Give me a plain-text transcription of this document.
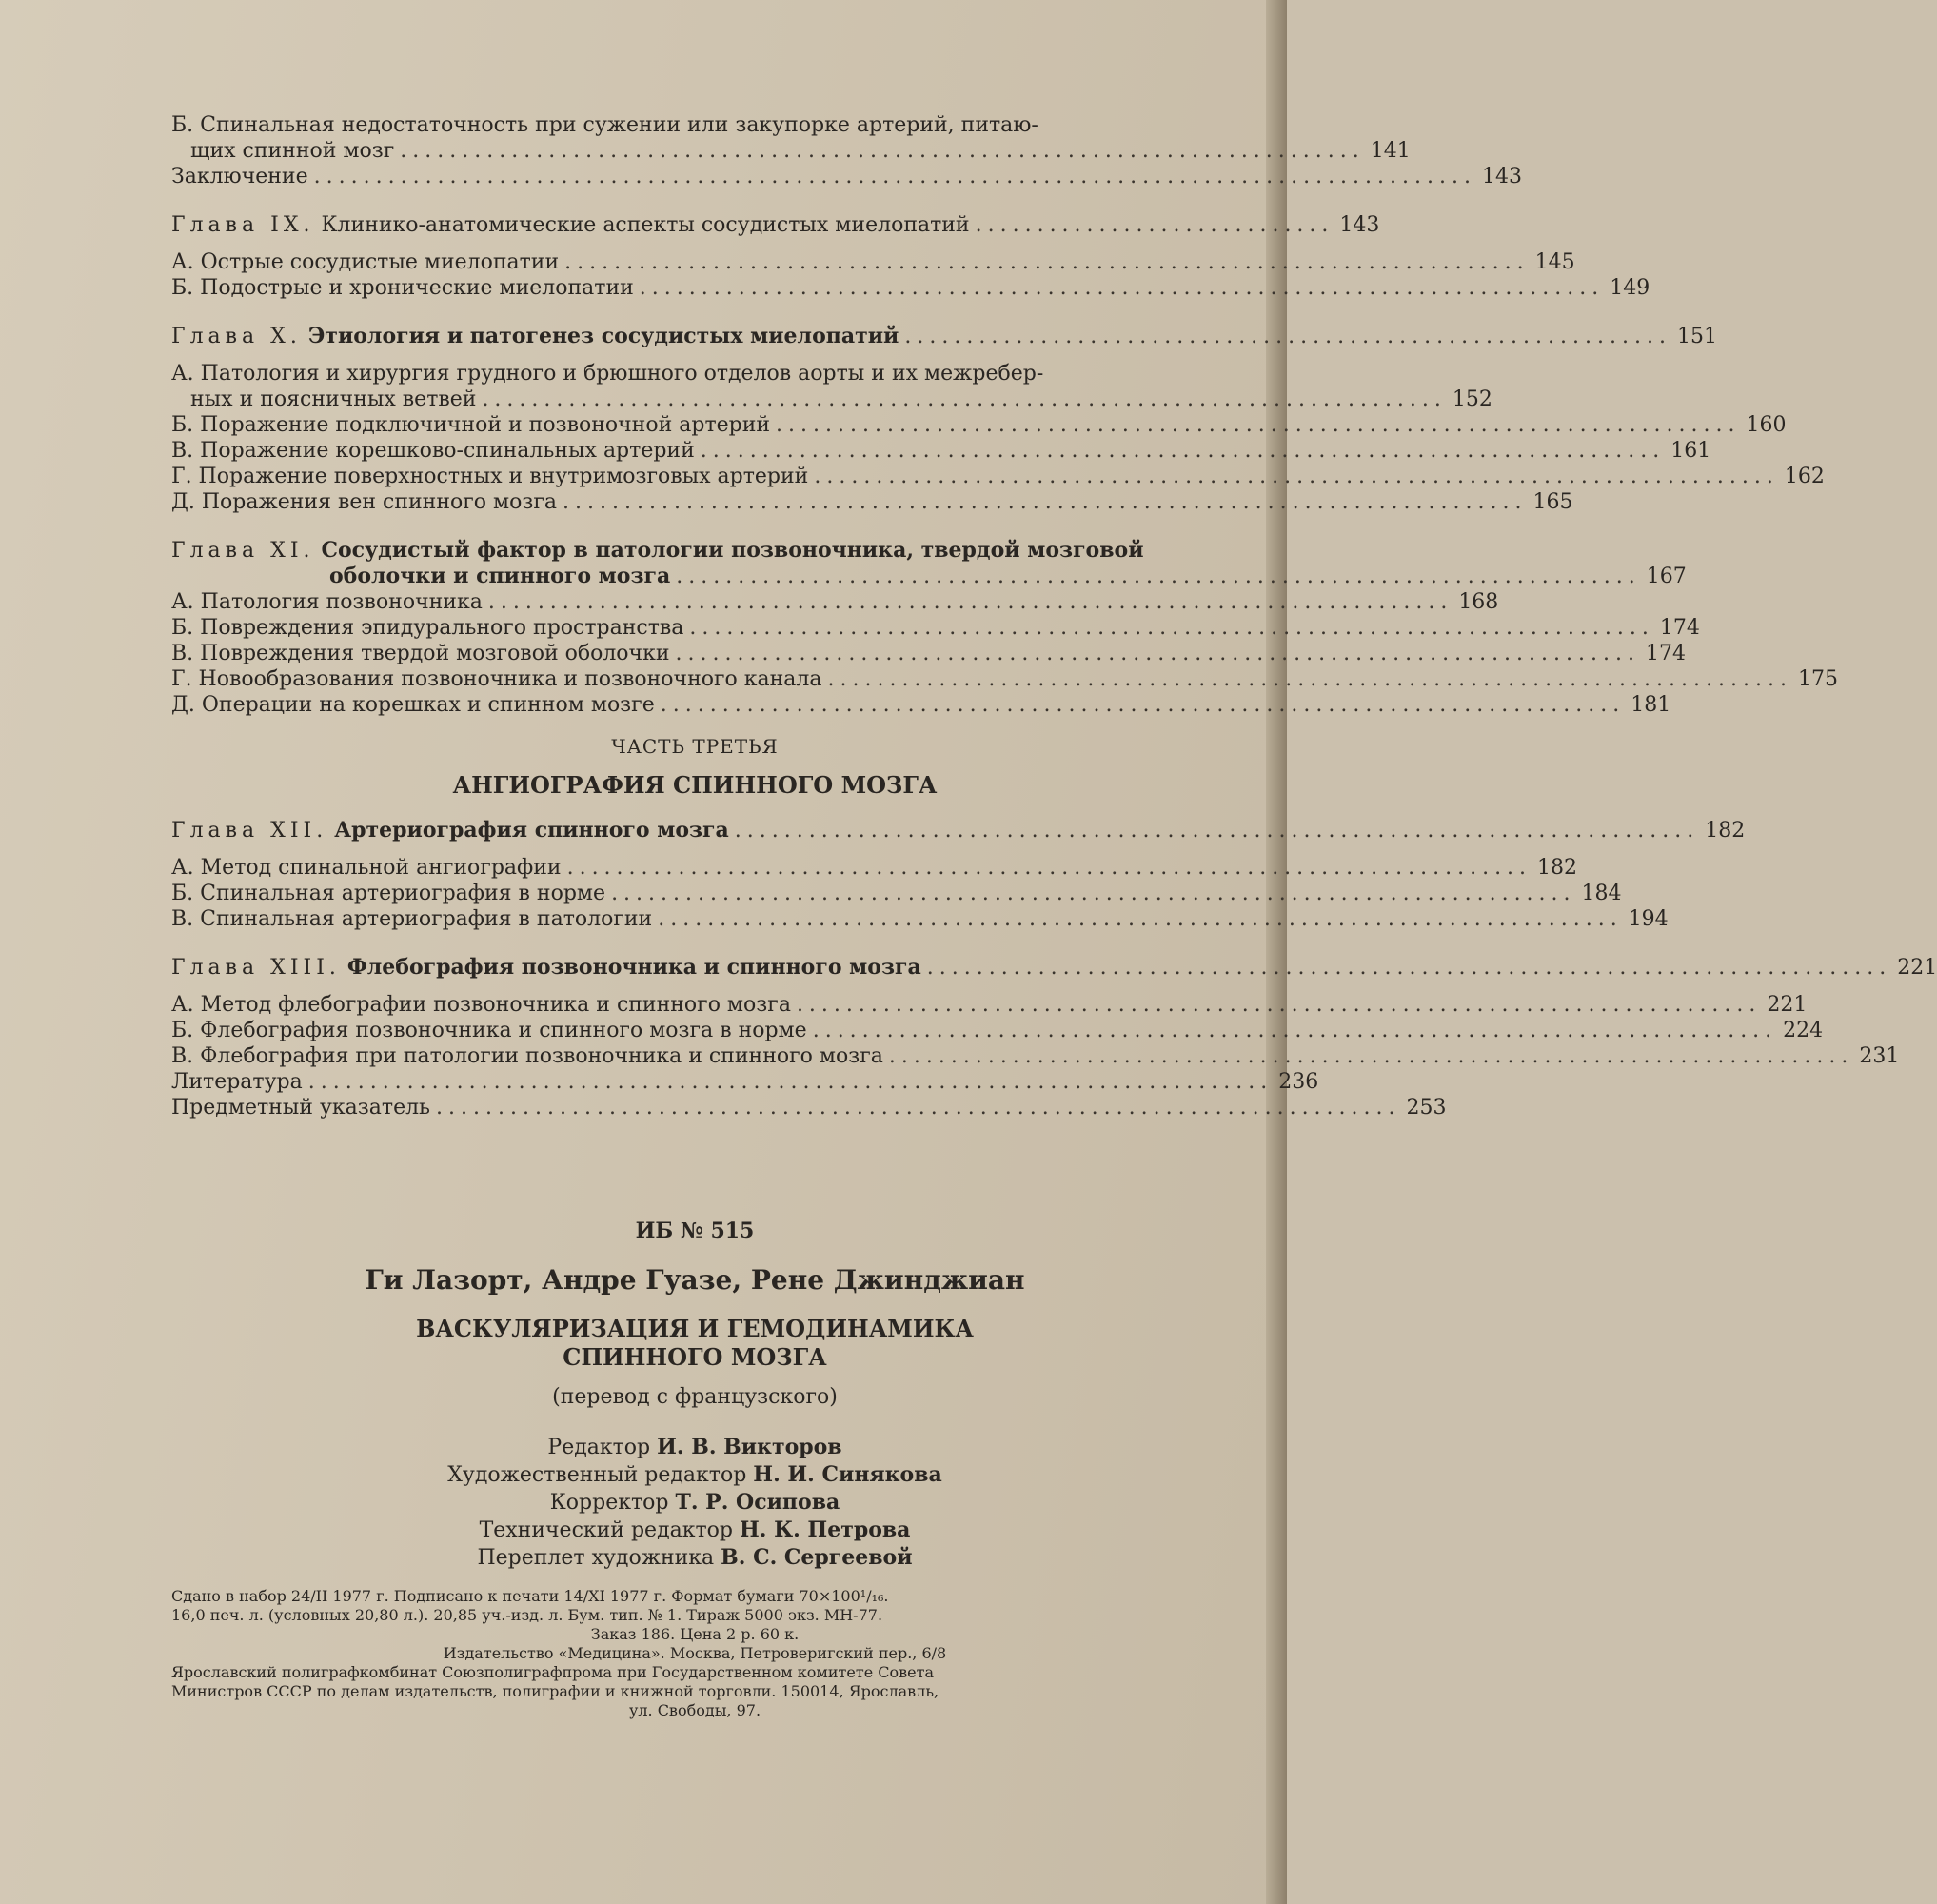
Б. Спинальная недостаточность при сужении или закупорке артерий, питаю-
щих спинной мозг .............................................................................. 141
Заключение .............................................................................................. 143
Глава IX. Клинико-анатомические аспекты сосудистых миелопатий ............................. 143
А. Острые сосудистые миелопатии .............................................................................. 145
Б. Подострые и хронические миелопатии .............................................................................. 149
Глава X. Этиология и патогенез сосудистых миелопатий .............................................................. 151
А. Патология и хирургия грудного и брюшного отделов аорты и их межребер-
ных и поясничных ветвей .............................................................................. 152
Б. Поражение подключичной и позвоночной артерий .............................................................................. 160
В. Поражение корешково-спинальных артерий .............................................................................. 161
Г. Поражение поверхностных и внутримозговых артерий .............................................................................. 162
Д. Поражения вен спинного мозга .............................................................................. 165
Глава XI. Сосудистый фактор в патологии позвоночника, твердой мозговой
оболочки и спинного мозга .............................................................................. 167
А. Патология позвоночника .............................................................................. 168
Б. Повреждения эпидурального пространства .............................................................................. 174
В. Повреждения твердой мозговой оболочки .............................................................................. 174
Г. Новообразования позвоночника и позвоночного канала .............................................................................. 175
Д. Операции на корешках и спинном мозге .............................................................................. 181
ЧАСТЬ ТРЕТЬЯ
АНГИОГРАФИЯ СПИННОГО МОЗГА
Глава XII. Артериография спинного мозга .............................................................................. 182
А. Метод спинальной ангиографии .............................................................................. 182
Б. Спинальная артериография в норме .............................................................................. 184
В. Спинальная артериография в патологии .............................................................................. 194
Глава XIII. Флебография позвоночника и спинного мозга .............................................................................. 221
А. Метод флебографии позвоночника и спинного мозга .............................................................................. 221
Б. Флебография позвоночника и спинного мозга в норме .............................................................................. 224
В. Флебография при патологии позвоночника и спинного мозга .............................................................................. 231
Литература .............................................................................. 236
Предметный указатель .............................................................................. 253
ИБ № 515
Ги Лазорт, Андре Гуазе, Рене Джинджиан
ВАСКУЛЯРИЗАЦИЯ И ГЕМОДИНАМИКА
СПИННОГО МОЗГА
(перевод с французского)
Редактор И. В. Викторов
Художественный редактор Н. И. Синякова
Корректор Т. Р. Осипова
Технический редактор Н. К. Петрова
Переплет художника В. С. Сергеевой
Сдано в набор 24/II 1977 г. Подписано к печати 14/XI 1977 г. Формат бумаги 70×100¹/₁₆.
16,0 печ. л. (условных 20,80 л.). 20,85 уч.-изд. л. Бум. тип. № 1. Тираж 5000 экз. МН-77.
Заказ 186. Цена 2 р. 60 к.
Издательство «Медицина». Москва, Петроверигский пер., 6/8
Ярославский полиграфкомбинат Союзполиграфпрома при Государственном комитете Совета
Министров СССР по делам издательств, полиграфии и книжной торговли. 150014, Ярославль,
ул. Свободы, 97.
